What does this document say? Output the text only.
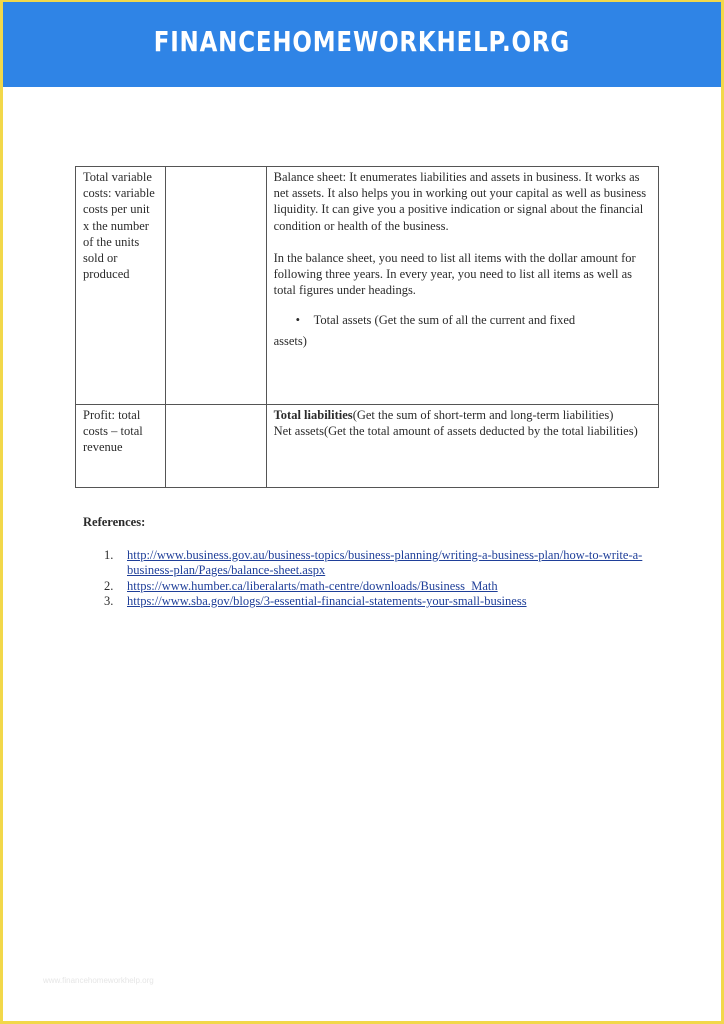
FINANCEHOMEWORKHELP.ORG
Total variable costs: variable costs per unit x the number of the units sold or produced		Balance sheet: It enumerates liabilities and assets in business. It works as net assets. It also helps you in working out your capital as well as business liquidity. It can give you a positive indication or signal about the financial condition or health of the business.

In the balance sheet, you need to list all items with the dollar amount for following three years. In every year, you need to list all items as well as total figures under headings.

• Total assets (Get the sum of all the current and fixed

assets)

Profit: total costs – total revenue		Total liabilities(Get the sum of short-term and long-term liabilities)
Net assets(Get the total amount of assets deducted by the total liabilities)

References:

1. http://www.business.gov.au/business-topics/business-planning/writing-a-business-plan/how-to-write-a-business-plan/Pages/balance-sheet.aspx
2. https://www.humber.ca/liberalarts/math-centre/downloads/Business_Math
3. https://www.sba.gov/blogs/3-essential-financial-statements-your-small-business
www.financehomeworkhelp.org
